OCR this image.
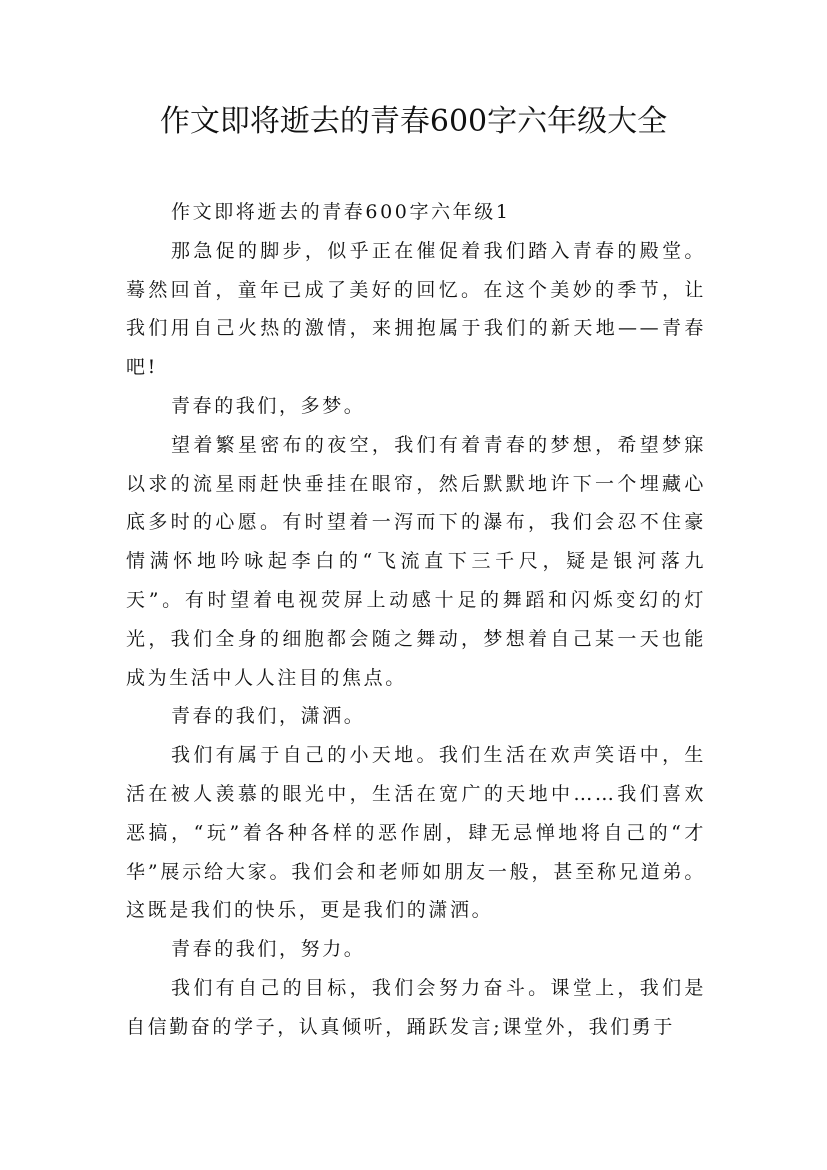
作文即将逝去的青春600字六年级大全

作文即将逝去的青春600字六年级1

那急促的脚步，似乎正在催促着我们踏入青春的殿堂。蓦然回首，童年已成了美好的回忆。在这个美妙的季节，让我们用自己火热的激情，来拥抱属于我们的新天地——青春吧!

青春的我们，多梦。

望着繁星密布的夜空，我们有着青春的梦想，希望梦寐以求的流星雨赶快垂挂在眼帘，然后默默地许下一个埋藏心底多时的心愿。有时望着一泻而下的瀑布，我们会忍不住豪情满怀地吟咏起李白的“飞流直下三千尺，疑是银河落九天”。有时望着电视荧屏上动感十足的舞蹈和闪烁变幻的灯光，我们全身的细胞都会随之舞动，梦想着自己某一天也能成为生活中人人注目的焦点。

青春的我们，潇洒。

我们有属于自己的小天地。我们生活在欢声笑语中，生活在被人羡慕的眼光中，生活在宽广的天地中……我们喜欢恶搞，“玩”着各种各样的恶作剧，肆无忌惮地将自己的“才华”展示给大家。我们会和老师如朋友一般，甚至称兄道弟。这既是我们的快乐，更是我们的潇洒。

青春的我们，努力。

我们有自己的目标，我们会努力奋斗。课堂上，我们是自信勤奋的学子，认真倾听，踊跃发言;课堂外，我们勇于
